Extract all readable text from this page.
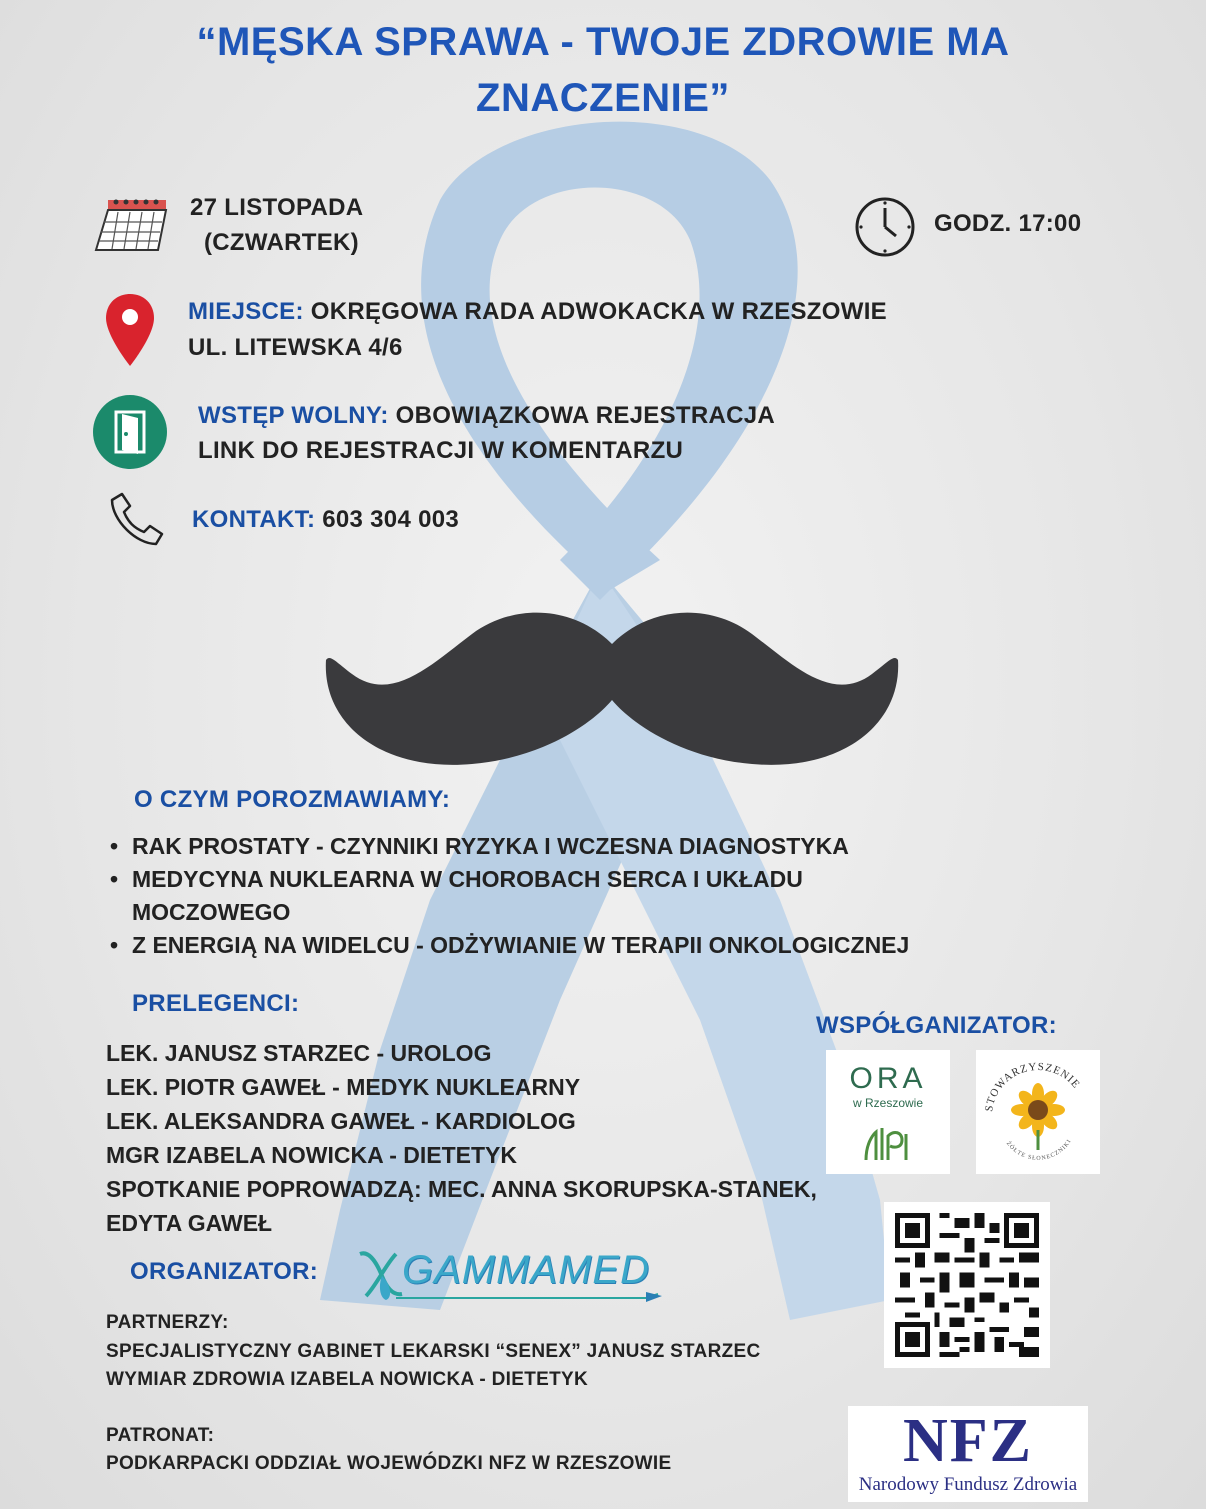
“MĘSKA SPRAWA - TWOJE ZDROWIE MA
ZNACZENIE”
27 LISTOPADA
(CZWARTEK)
GODZ. 17:00
MIEJSCE: OKRĘGOWA RADA ADWOKACKA W RZESZOWIE
UL. LITEWSKA 4/6
WSTĘP WOLNY: OBOWIĄZKOWA REJESTRACJA
LINK DO REJESTRACJI W KOMENTARZU
KONTAKT: 603 304 003
O CZYM POROZMAWIAMY:
• RAK PROSTATY - CZYNNIKI RYZYKA I WCZESNA DIAGNOSTYKA
• MEDYCYNA NUKLEARNA W CHOROBACH SERCA I UKŁADU MOCZOWEGO
• Z ENERGIĄ NA WIDELCU - ODŻYWIANIE W TERAPII ONKOLOGICZNEJ
PRELEGENCI:
LEK. JANUSZ STARZEC - UROLOG
LEK. PIOTR GAWEŁ - MEDYK NUKLEARNY
LEK. ALEKSANDRA GAWEŁ - KARDIOLOG
MGR IZABELA NOWICKA - DIETETYK
SPOTKANIE POPROWADZĄ: MEC. ANNA SKORUPSKA-STANEK,
EDYTA GAWEŁ
WSPÓŁGANIZATOR:
ORA
w Rzeszowie	STOWARZYSZENIE
ŻÓŁTE SŁONECZNIKI
ORGANIZATOR: GAMMAMED
PARTNERZY:
SPECJALISTYCZNY GABINET LEKARSKI “SENEX” JANUSZ STARZEC
WYMIAR ZDROWIA IZABELA NOWICKA - DIETETYK
PATRONAT:
PODKARPACKI ODDZIAŁ WOJEWÓDZKI NFZ W RZESZOWIE	NFZ
Narodowy Fundusz Zdrowia
